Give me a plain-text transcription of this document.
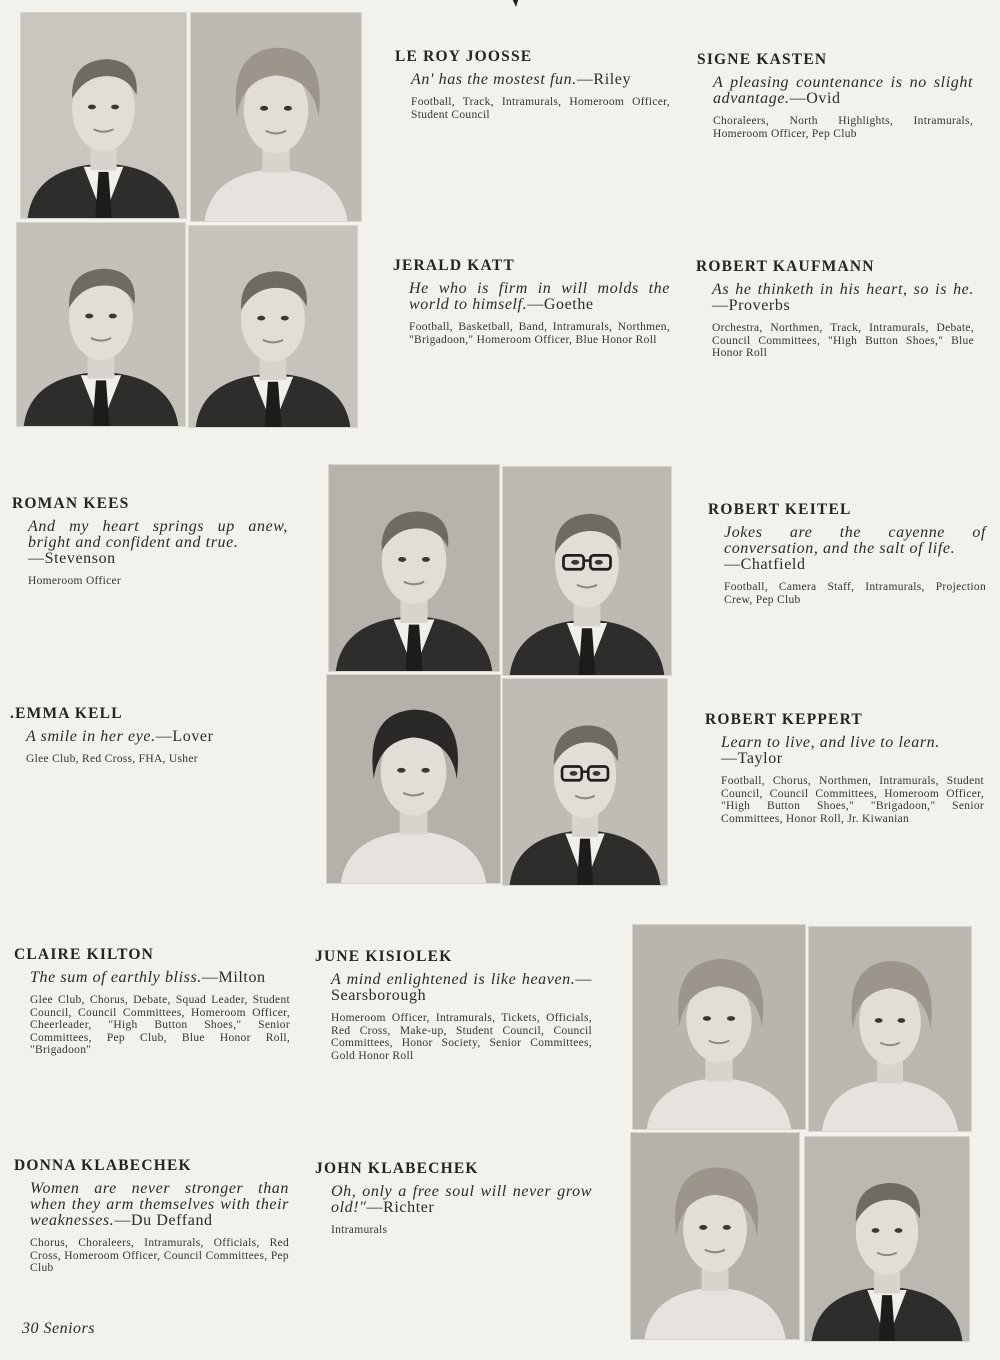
LE ROY JOOSSE
An' has the mostest fun.—Riley
Football, Track, Intramurals, Homeroom Officer, Student Council
SIGNE KASTEN
A pleasing countenance is no slight advantage.—Ovid
Choraleers, North Highlights, Intramurals, Homeroom Officer, Pep Club
JERALD KATT
He who is firm in will molds the world to himself.—Goethe
Football, Basketball, Band, Intramurals, Northmen, "Brigadoon," Homeroom Officer, Blue Honor Roll
ROBERT KAUFMANN
As he thinketh in his heart, so is he.—Proverbs
Orchestra, Northmen, Track, Intramurals, Debate, Council Committees, "High Button Shoes," Blue Honor Roll
ROMAN KEES
And my heart springs up anew, bright and confident and true.
—Stevenson
Homeroom Officer
ROBERT KEITEL
Jokes are the cayenne of conversation, and the salt of life.
—Chatfield
Football, Camera Staff, Intramurals, Projection Crew, Pep Club
.EMMA KELL
A smile in her eye.—Lover
Glee Club, Red Cross, FHA, Usher
ROBERT KEPPERT
Learn to live, and live to learn.
—Taylor
Football, Chorus, Northmen, Intramurals, Student Council, Council Committees, Homeroom Officer, "High Button Shoes," "Brigadoon," Senior Committees, Honor Roll, Jr. Kiwanian
CLAIRE KILTON
The sum of earthly bliss.—Milton
Glee Club, Chorus, Debate, Squad Leader, Student Council, Council Committees, Homeroom Officer, Cheerleader, "High Button Shoes," Senior Committees, Pep Club, Blue Honor Roll, "Brigadoon"
JUNE KISIOLEK
A mind enlightened is like heaven.—Searsborough
Homeroom Officer, Intramurals, Tickets, Officials, Red Cross, Make-up, Student Council, Council Committees, Honor Society, Senior Committees, Gold Honor Roll
DONNA KLABECHEK
Women are never stronger than when they arm themselves with their weaknesses.—Du Deffand
Chorus, Choraleers, Intramurals, Officials, Red Cross, Homeroom Officer, Council Committees, Pep Club
JOHN KLABECHEK
Oh, only a free soul will never grow old!"—Richter
Intramurals
30 Seniors
